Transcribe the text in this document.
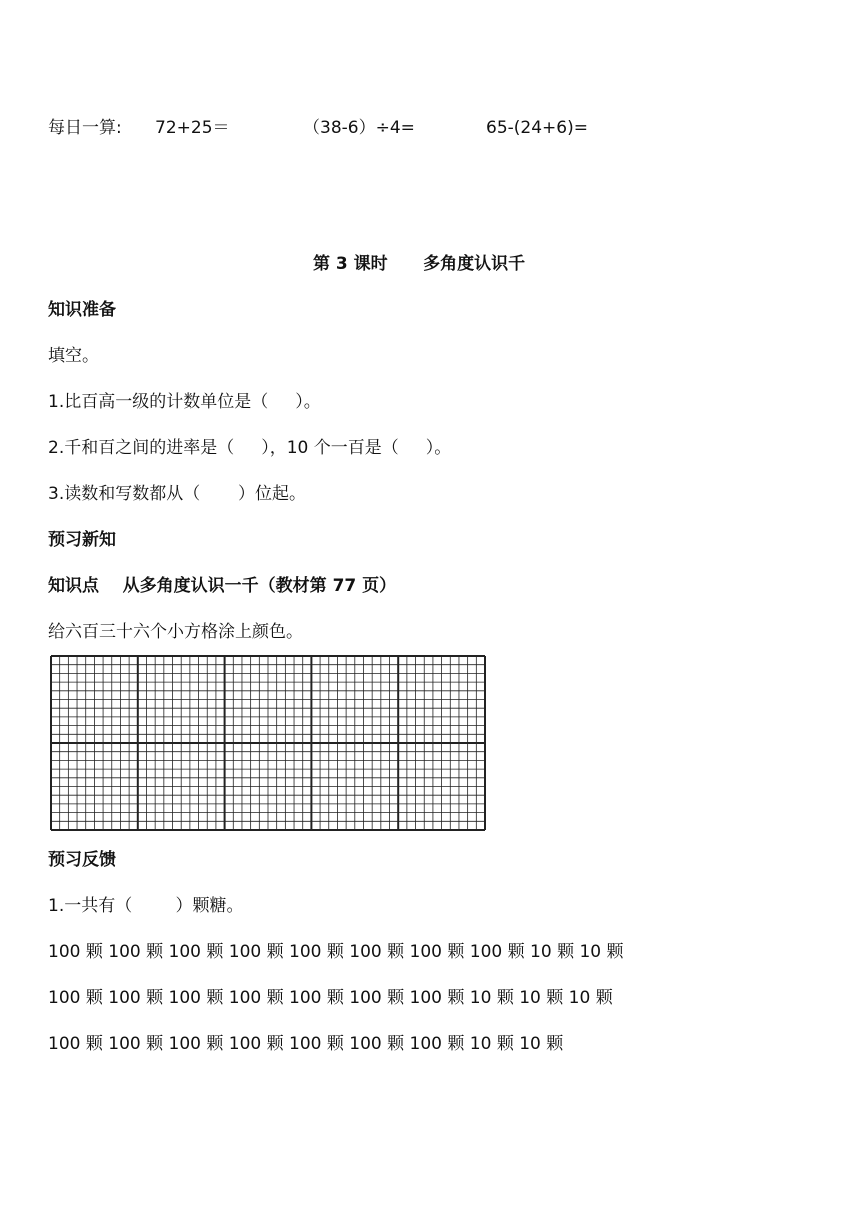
每日一算: 72+25＝	（38-6）÷4=	65-(24+6)=
第 3 课时      多角度认识千
知识准备
填空。
1.比百高一级的计数单位是（     ）。
2.千和百之间的进率是（     ），10 个一百是（     ）。
3.读数和写数都从（       ）位起。
预习新知
知识点    从多角度认识一千（教材第 77 页）
给六百三十六个小方格涂上颜色。
预习反馈
1.一共有（        ）颗糖。
100 颗 100 颗 100 颗 100 颗 100 颗 100 颗 100 颗 100 颗 10 颗 10 颗
100 颗 100 颗 100 颗 100 颗 100 颗 100 颗 100 颗 10 颗 10 颗 10 颗
100 颗 100 颗 100 颗 100 颗 100 颗 100 颗 100 颗 10 颗 10 颗
